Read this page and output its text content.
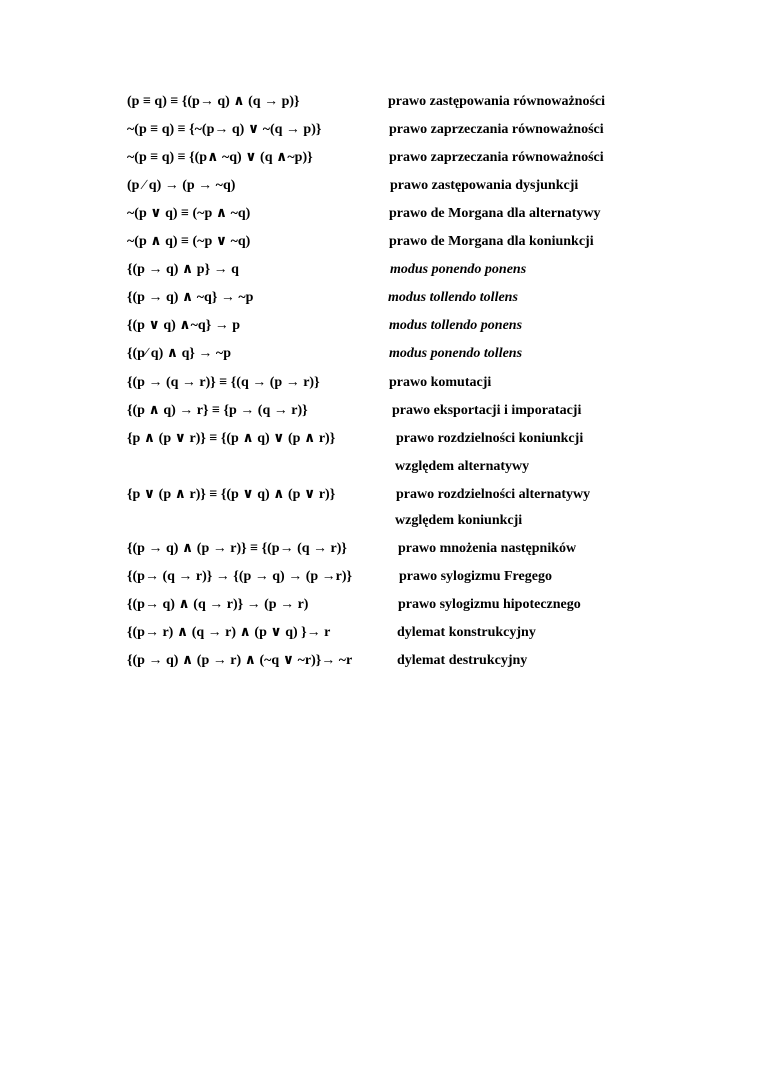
(p ≡ q) ≡ {(p→ q) ∧ (q → p)}	prawo zastępowania równoważności
~(p ≡ q) ≡ {~(p→ q) ∨ ~(q → p)}	prawo zaprzeczania równoważności
~(p ≡ q) ≡ {(p∧ ~q) ∨ (q ∧~p)}	prawo zaprzeczania równoważności
(p ∕ q) → (p → ~q)	prawo zastępowania dysjunkcji
~(p ∨ q) ≡ (~p ∧ ~q)	prawo de Morgana dla alternatywy
~(p ∧ q) ≡ (~p ∨ ~q)	prawo de Morgana dla koniunkcji
{(p → q) ∧ p} → q	modus ponendo ponens
{(p → q) ∧ ~q} → ~p	modus tollendo tollens
{(p ∨ q) ∧~q} → p	modus tollendo ponens
{(p∕ q) ∧ q} → ~p	modus ponendo tollens
{(p → (q → r)} ≡ {(q → (p → r)}	prawo komutacji
{(p ∧ q) → r} ≡ {p → (q → r)}	prawo eksportacji i imporatacji
{p ∧ (p ∨ r)} ≡ {(p ∧ q) ∨ (p ∧ r)}	prawo rozdzielności koniunkcji
względem alternatywy
{p ∨ (p ∧ r)} ≡ {(p ∨ q) ∧ (p ∨ r)}	prawo rozdzielności alternatywy
względem koniunkcji
{(p → q) ∧ (p → r)} ≡ {(p→ (q → r)}	prawo mnożenia następników
{(p→ (q → r)} → {(p → q) → (p →r)}	prawo sylogizmu Fregego
{(p→ q) ∧ (q → r)} → (p → r)	prawo sylogizmu hipotecznego
{(p→ r) ∧ (q → r) ∧ (p ∨ q) }→ r	dylemat konstrukcyjny
{(p → q) ∧ (p → r) ∧ (~q ∨ ~r)}→ ~r	dylemat destrukcyjny
